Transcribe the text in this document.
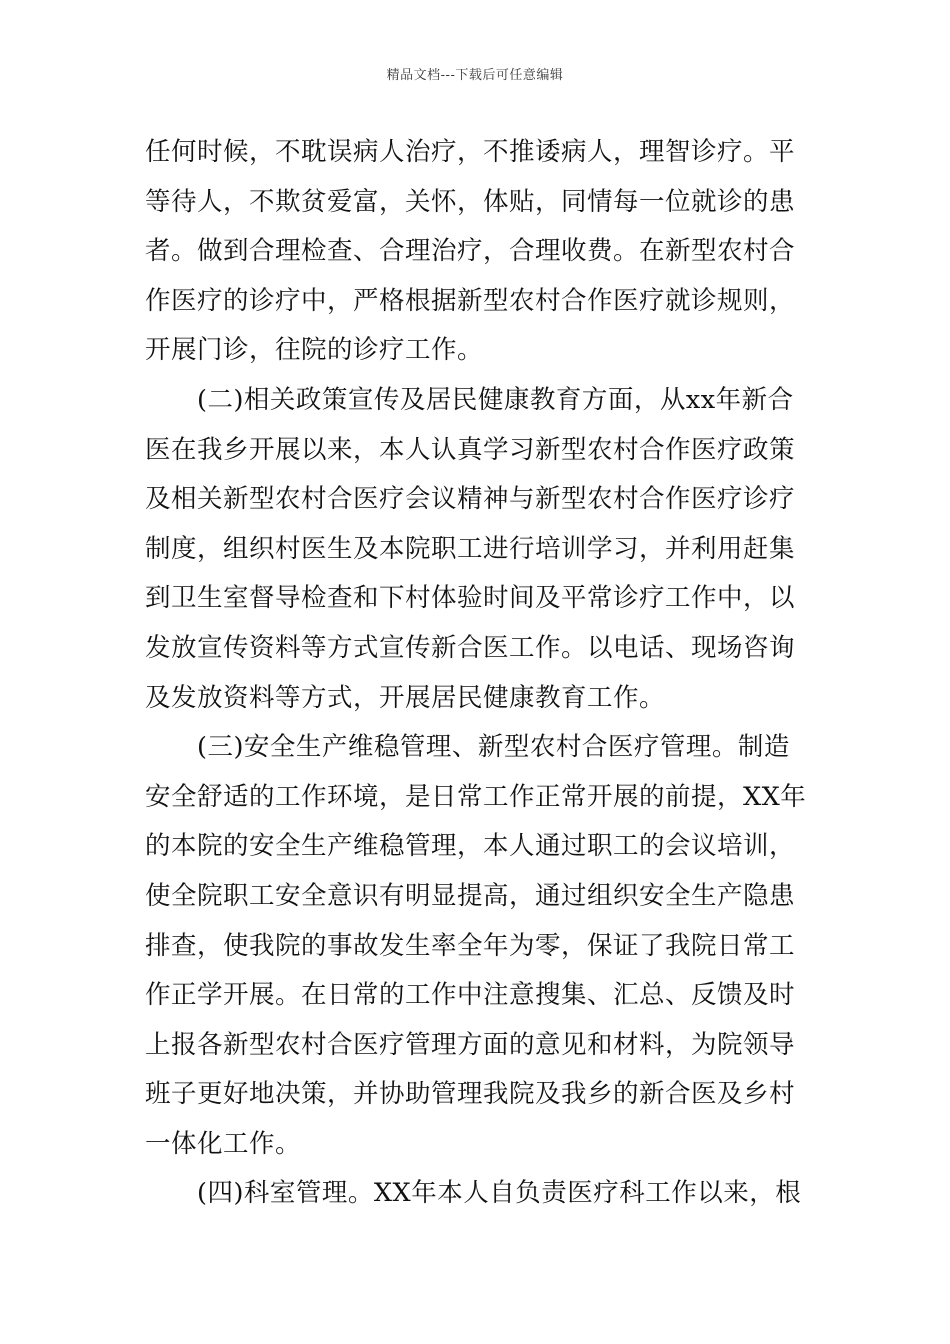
精品文档---下载后可任意编辑
任何时候，不耽误病人治疗，不推诿病人，理智诊疗。平
等待人，不欺贫爱富，关怀，体贴，同情每一位就诊的患
者。做到合理检查、合理治疗，合理收费。在新型农村合
作医疗的诊疗中，严格根据新型农村合作医疗就诊规则，
开展门诊，往院的诊疗工作。
(二)相关政策宣传及居民健康教育方面，从xx年新合
医在我乡开展以来，本人认真学习新型农村合作医疗政策
及相关新型农村合医疗会议精神与新型农村合作医疗诊疗
制度，组织村医生及本院职工进行培训学习，并利用赶集
到卫生室督导检查和下村体验时间及平常诊疗工作中，以
发放宣传资料等方式宣传新合医工作。以电话、现场咨询
及发放资料等方式，开展居民健康教育工作。
(三)安全生产维稳管理、新型农村合医疗管理。制造
安全舒适的工作环境，是日常工作正常开展的前提，XX年
的本院的安全生产维稳管理，本人通过职工的会议培训，
使全院职工安全意识有明显提高，通过组织安全生产隐患
排查，使我院的事故发生率全年为零，保证了我院日常工
作正学开展。在日常的工作中注意搜集、汇总、反馈及时
上报各新型农村合医疗管理方面的意见和材料，为院领导
班子更好地决策，并协助管理我院及我乡的新合医及乡村
一体化工作。
(四)科室管理。XX年本人自负责医疗科工作以来，根
